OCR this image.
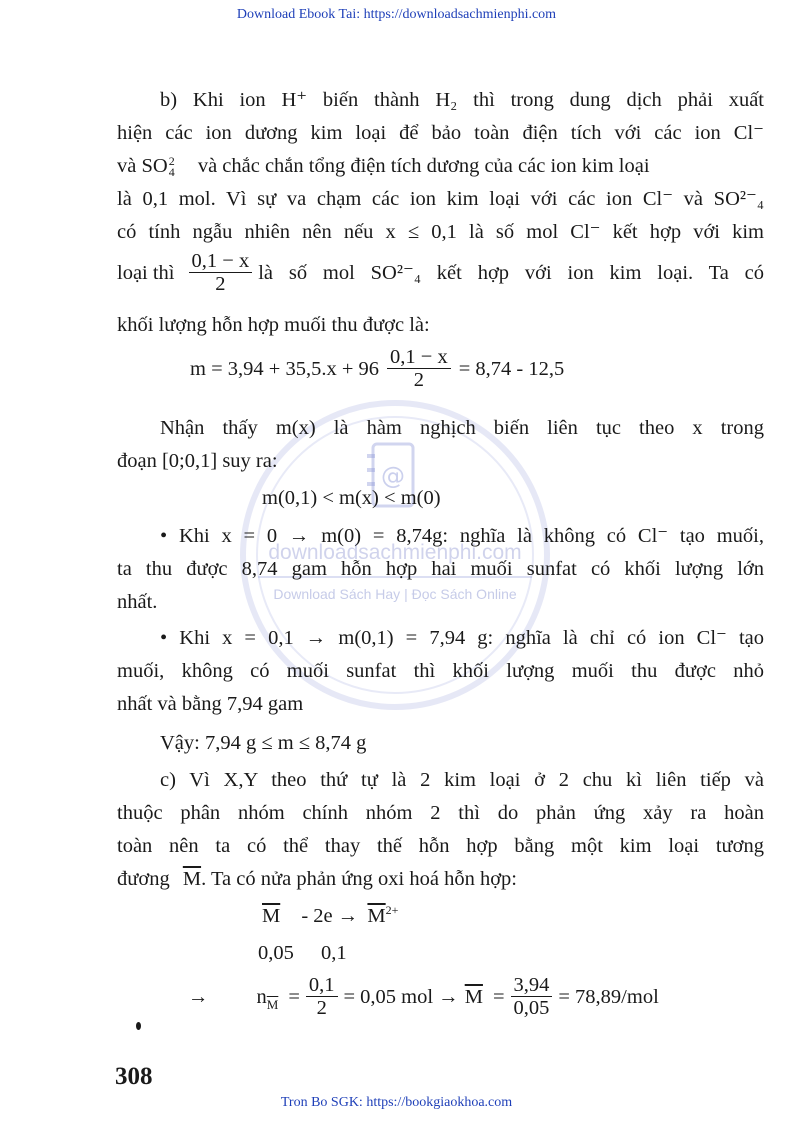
Download Ebook Tai: https://downloadsachmienphi.com
@
downloadsachmienphi.com
Download Sách Hay | Đọc Sách Online
b) Khi ion H⁺ biến thành H₂ thì trong dung dịch phải xuất
hiện các ion dương kim loại để bảo toàn điện tích với các ion Cl⁻
và SO 2
4 và chắc chắn tổng điện tích dương của các ion kim loại
là 0,1 mol. Vì sự va chạm các ion kim loại với các ion Cl⁻ và SO²⁻₄
có tính ngẫu nhiên nên nếu x ≤ 0,1 là số mol Cl⁻ kết hợp với kim
loại thì $\frac{0,1 - x}{2}$ là số mol SO²⁻₄ kết hợp với ion kim loại. Ta có
khối lượng hỗn hợp muối thu được là:
$m = 3,94 + 35,5.x + 96 \frac{0,1 - x}{2} = 8,74 - 12,5$
Nhận thấy m(x) là hàm nghịch biến liên tục theo x trong
đoạn [0;0,1] suy ra:
m(0,1) < m(x) < m(0)
• Khi x = 0 → m(0) = 8,74g: nghĩa là không có Cl⁻ tạo muối,
ta thu được 8,74 gam hỗn hợp hai muối sunfat có khối lượng lớn
nhất.
• Khi x = 0,1 → m(0,1) = 7,94 g: nghĩa là chỉ có ion Cl⁻ tạo
muối, không có muối sunfat thì khối lượng muối thu được nhỏ
nhất và bằng 7,94 gam
Vậy: 7,94 g ≤ m ≤ 8,74 g
c) Vì X,Y theo thứ tự là 2 kim loại ở 2 chu kì liên tiếp và
thuộc phân nhóm chính nhóm 2 thì do phản ứng xảy ra hoàn
toàn nên ta có thể thay thế hỗn hợp bằng một kim loại tương
đương $\overline{M}$. Ta có nửa phản ứng oxi hoá hỗn hợp:
$\overline{M} - 2e \to \overline{M}^{2+}$
0,05 0,1
→ $n_{\overline{M}} = \frac{0,1}{2} = 0,05$ mol → $\overline{M} = \frac{3,94}{0,05} = 78,89/mol$
308
Tron Bo SGK: https://bookgiaokhoa.com
